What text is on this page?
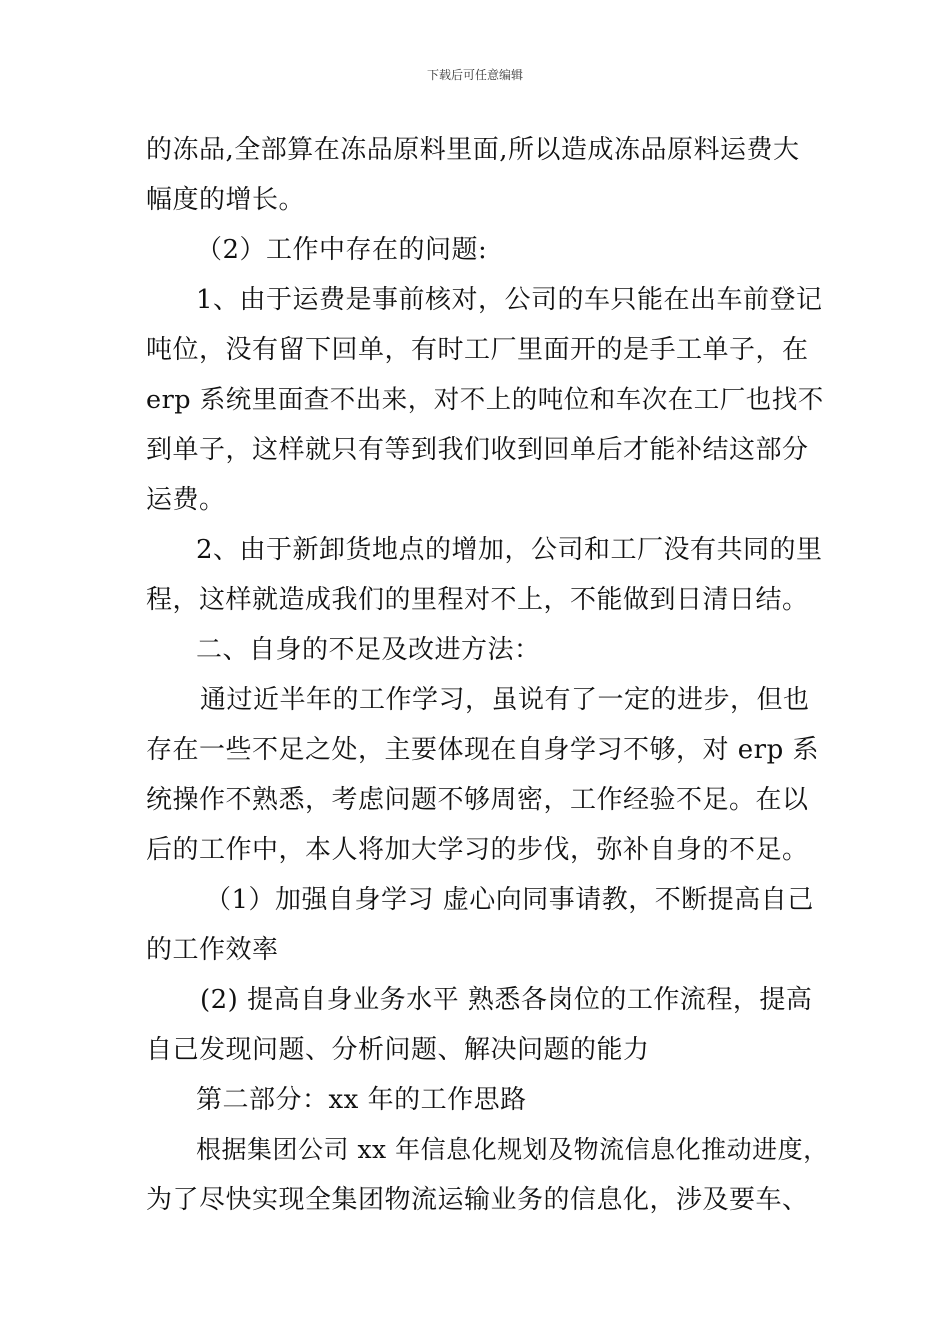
下载后可任意编辑
的冻品,全部算在冻品原料里面,所以造成冻品原料运费大
幅度的增长。
（2）工作中存在的问题:
1、由于运费是事前核对，公司的车只能在出车前登记
吨位，没有留下回单，有时工厂里面开的是手工单子，在
erp 系统里面查不出来，对不上的吨位和车次在工厂也找不
到单子，这样就只有等到我们收到回单后才能补结这部分
运费。
2、由于新卸货地点的增加，公司和工厂没有共同的里
程，这样就造成我们的里程对不上，不能做到日清日结。
二、自身的不足及改进方法：
通过近半年的工作学习，虽说有了一定的进步，但也
存在一些不足之处，主要体现在自身学习不够，对 erp 系
统操作不熟悉，考虑问题不够周密，工作经验不足。在以
后的工作中，本人将加大学习的步伐，弥补自身的不足。
（1）加强自身学习 虚心向同事请教，不断提高自己
的工作效率
(2) 提高自身业务水平 熟悉各岗位的工作流程，提高
自己发现问题、分析问题、解决问题的能力
第二部分：xx 年的工作思路
根据集团公司 xx 年信息化规划及物流信息化推动进度，
为了尽快实现全集团物流运输业务的信息化，涉及要车、
